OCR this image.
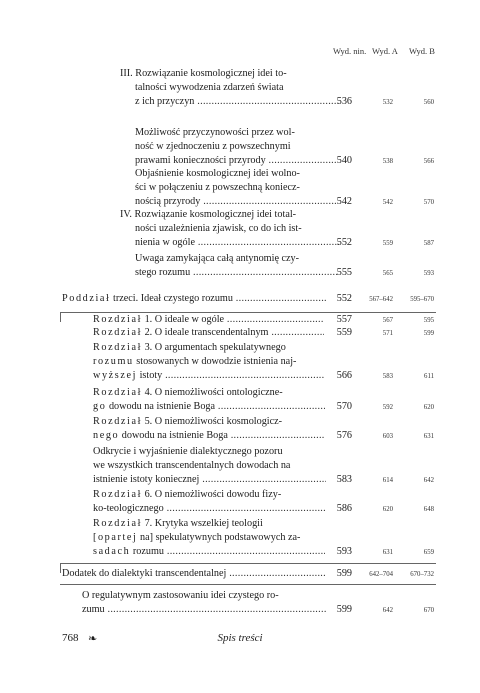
Wyd. nin. Wyd. A Wyd. B
III. Rozwiązanie kosmologicznej idei to-
talności wywodzenia zdarzeń świata
z ich przyczyn .....	536	532	560
Możliwość przyczynowości przez wol-
ność w zjednoczeniu z powszechnymi
prawami konieczności przyrody .....	540	538	566
Objaśnienie kosmologicznej idei wolno-
ści w połączeniu z powszechną koniecz-
nością przyrody .....	542	542	570
IV. Rozwiązanie kosmologicznej idei total-
ności uzależnienia zjawisk, co do ich ist-
nienia w ogóle .....	552	559	587
Uwaga zamykająca całą antynomię czy-
stego rozumu .....	555	565	593
Poddział trzeci. Ideał czystego rozumu .....	552	567–642	595–670
Rozdział 1. O ideale w ogóle .....	557	567	595
Rozdział 2. O ideale transcendentalnym .....	559	571	599
Rozdział 3. O argumentach spekulatywnego
rozumu stosowanych w dowodzie istnienia naj-
wyższej istoty .....	566	583	611
Rozdział 4. O niemożliwości ontologiczne-
go dowodu na istnienie Boga .....	570	592	620
Rozdział 5. O niemożliwości kosmologicz-
nego dowodu na istnienie Boga .....	576	603	631
Odkrycie i wyjaśnienie dialektycznego pozoru
we wszystkich transcendentalnych dowodach na
istnienie istoty koniecznej .....	583	614	642
Rozdział 6. O niemożliwości dowodu fizy-
ko-teologicznego .....	586	620	648
Rozdział 7. Krytyka wszelkiej teologii
[opartej na] spekulatywnych podstawowych za-
sadach rozumu .....	593	631	659
Dodatek do dialektyki transcendentalnej .....	599	642–704	670–732
O regulatywnym zastosowaniu idei czystego ro-
zumu .....	599	642	670
768 ❧	Spis treści
